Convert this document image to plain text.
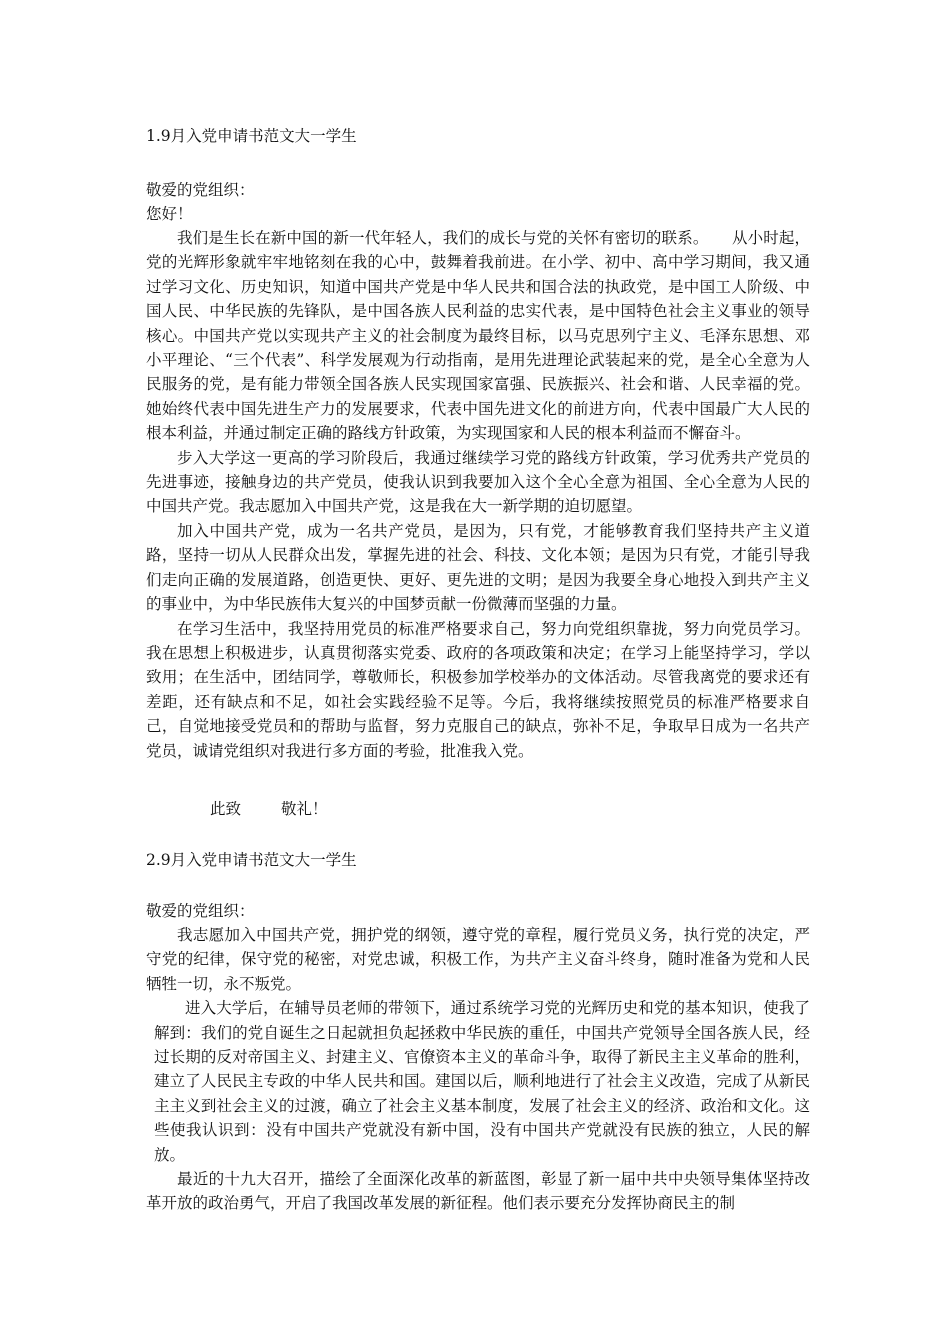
1.9月入党申请书范文大一学生
敬爱的党组织：
您好！

我们是生长在新中国的新一代年轻人，我们的成长与党的关怀有密切的联系。　　从小时起，党的光辉形象就牢牢地铭刻在我的心中，鼓舞着我前进。在小学、初中、高中学习期间，我又通过学习文化、历史知识，知道中国共产党是中华人民共和国合法的执政党，是中国工人阶级、中国人民、中华民族的先锋队，是中国各族人民利益的忠实代表，是中国特色社会主义事业的领导核心。中国共产党以实现共产主义的社会制度为最终目标，以马克思列宁主义、毛泽东思想、邓小平理论、“三个代表”、科学发展观为行动指南，是用先进理论武装起来的党，是全心全意为人民服务的党，是有能力带领全国各族人民实现国家富强、民族振兴、社会和谐、人民幸福的党。她始终代表中国先进生产力的发展要求，代表中国先进文化的前进方向，代表中国最广大人民的根本利益，并通过制定正确的路线方针政策，为实现国家和人民的根本利益而不懈奋斗。

步入大学这一更高的学习阶段后，我通过继续学习党的路线方针政策，学习优秀共产党员的先进事迹，接触身边的共产党员，使我认识到我要加入这个全心全意为祖国、全心全意为人民的中国共产党。我志愿加入中国共产党，这是我在大一新学期的迫切愿望。

加入中国共产党，成为一名共产党员，是因为，只有党，才能够教育我们坚持共产主义道路，坚持一切从人民群众出发，掌握先进的社会、科技、文化本领；是因为只有党，才能引导我们走向正确的发展道路，创造更快、更好、更先进的文明；是因为我要全身心地投入到共产主义的事业中，为中华民族伟大复兴的中国梦贡献一份微薄而坚强的力量。

在学习生活中，我坚持用党员的标准严格要求自己，努力向党组织靠拢，努力向党员学习。我在思想上积极进步，认真贯彻落实党委、政府的各项政策和决定；在学习上能坚持学习，学以致用；在生活中，团结同学，尊敬师长，积极参加学校举办的文体活动。尽管我离党的要求还有差距，还有缺点和不足，如社会实践经验不足等。今后，我将继续按照党员的标准严格要求自己，自觉地接受党员和的帮助与监督，努力克服自己的缺点，弥补不足，争取早日成为一名共产党员，诚请党组织对我进行多方面的考验，批准我入党。

此致	敬礼！
2.9月入党申请书范文大一学生
敬爱的党组织：

我志愿加入中国共产党，拥护党的纲领，遵守党的章程，履行党员义务，执行党的决定，严守党的纪律，保守党的秘密，对党忠诚，积极工作，为共产主义奋斗终身，随时准备为党和人民牺牲一切，永不叛党。

进入大学后，在辅导员老师的带领下，通过系统学习党的光辉历史和党的基本知识，使我了解到：我们的党自诞生之日起就担负起拯救中华民族的重任，中国共产党领导全国各族人民，经过长期的反对帝国主义、封建主义、官僚资本主义的革命斗争，取得了新民主主义革命的胜利，建立了人民民主专政的中华人民共和国。建国以后，顺利地进行了社会主义改造，完成了从新民主主义到社会主义的过渡，确立了社会主义基本制度，发展了社会主义的经济、政治和文化。这些使我认识到：没有中国共产党就没有新中国，没有中国共产党就没有民族的独立，人民的解放。

最近的十九大召开，描绘了全面深化改革的新蓝图，彰显了新一届中共中央领导集体坚持改革开放的政治勇气，开启了我国改革发展的新征程。他们表示要充分发挥协商民主的制
